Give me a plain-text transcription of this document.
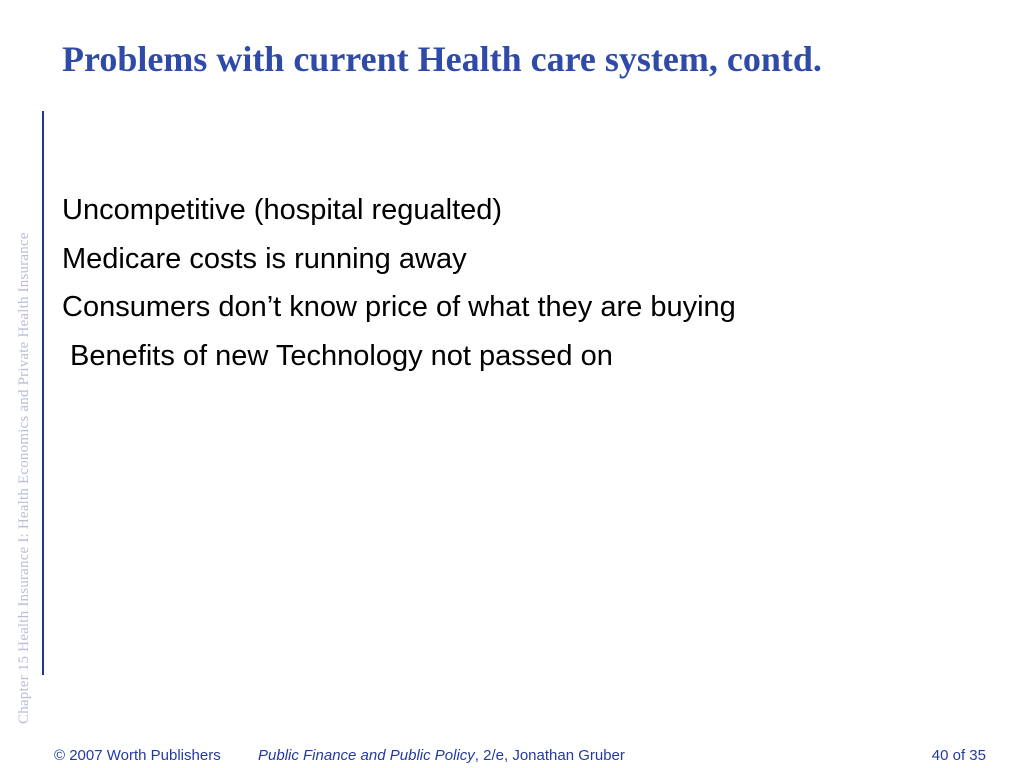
Chapter 15 Health Insurance I: Health Economics and Private Health Insurance
Problems with current Health care system, contd.
Uncompetitive (hospital regualted)
Medicare costs is running away
Consumers don’t know price of what they are buying
Benefits of new Technology not passed on
© 2007 Worth Publishers Public Finance and Public Policy, 2/e, Jonathan Gruber	40 of 35
